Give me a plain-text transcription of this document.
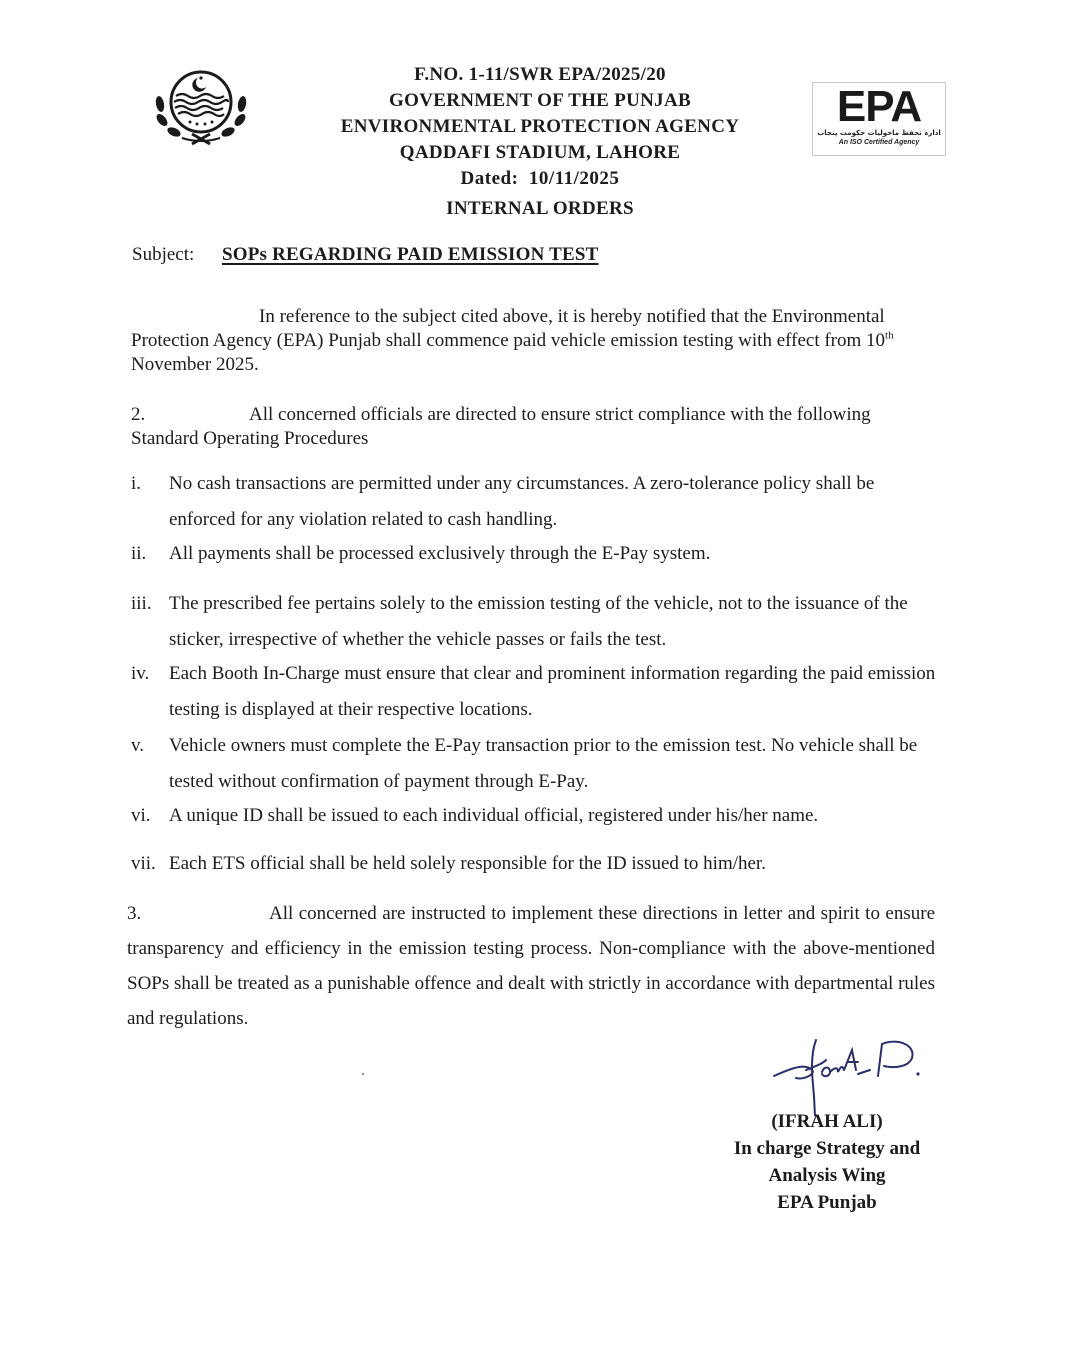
F.NO. 1-11/SWR EPA/2025/20
GOVERNMENT OF THE PUNJAB
ENVIRONMENTAL PROTECTION AGENCY
QADDAFI STADIUM, LAHORE
Dated:  10/11/2025
EPA
ادارہ تحفظ ماحولیات حکومت پنجاب
An ISO Certified Agency
INTERNAL ORDERS
Subject: SOPs REGARDING PAID EMISSION TEST
In reference to the subject cited above, it is hereby notified that the Environmental Protection Agency (EPA) Punjab shall commence paid vehicle emission testing with effect from 10th November 2025.
2.	All concerned officials are directed to ensure strict compliance with the following Standard Operating Procedures
i.	No cash transactions are permitted under any circumstances. A zero-tolerance policy shall be enforced for any violation related to cash handling.
ii.	All payments shall be processed exclusively through the E-Pay system.
iii. The prescribed fee pertains solely to the emission testing of the vehicle, not to the issuance of the sticker, irrespective of whether the vehicle passes or fails the test.
iv.	Each Booth In-Charge must ensure that clear and prominent information regarding the paid emission testing is displayed at their respective locations.
v.	Vehicle owners must complete the E-Pay transaction prior to the emission test. No vehicle shall be tested without confirmation of payment through E-Pay.
vi. A unique ID shall be issued to each individual official, registered under his/her name.
vii. Each ETS official shall be held solely responsible for the ID issued to him/her.
3.	All concerned are instructed to implement these directions in letter and spirit to ensure transparency and efficiency in the emission testing process. Non-compliance with the above-mentioned SOPs shall be treated as a punishable offence and dealt with strictly in accordance with departmental rules and regulations.
(IFRAH ALI)
In charge Strategy and
Analysis Wing
EPA Punjab
